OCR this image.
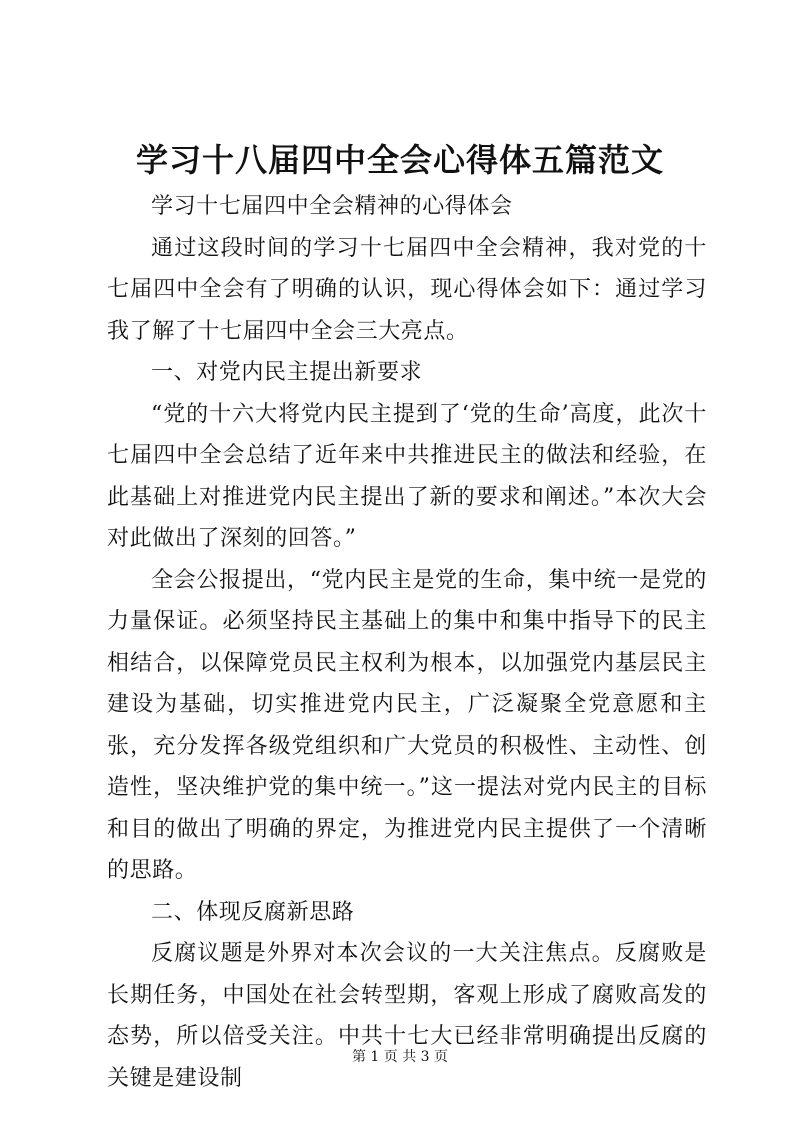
学习十八届四中全会心得体五篇范文

学习十七届四中全会精神的心得体会

通过这段时间的学习十七届四中全会精神，我对党的十七届四中全会有了明确的认识，现心得体会如下：通过学习我了解了十七届四中全会三大亮点。

一、对党内民主提出新要求

“党的十六大将党内民主提到了‘党的生命’高度，此次十七届四中全会总结了近年来中共推进民主的做法和经验，在此基础上对推进党内民主提出了新的要求和阐述。”本次大会对此做出了深刻的回答。”

全会公报提出，“党内民主是党的生命，集中统一是党的力量保证。必须坚持民主基础上的集中和集中指导下的民主相结合，以保障党员民主权利为根本，以加强党内基层民主建设为基础，切实推进党内民主，广泛凝聚全党意愿和主张，充分发挥各级党组织和广大党员的积极性、主动性、创造性，坚决维护党的集中统一。”这一提法对党内民主的目标和目的做出了明确的界定，为推进党内民主提供了一个清晰的思路。

二、体现反腐新思路

反腐议题是外界对本次会议的一大关注焦点。反腐败是长期任务，中国处在社会转型期，客观上形成了腐败高发的态势，所以倍受关注。中共十七大已经非常明确提出反腐的关键是建设制

第 1 页 共 3 页
